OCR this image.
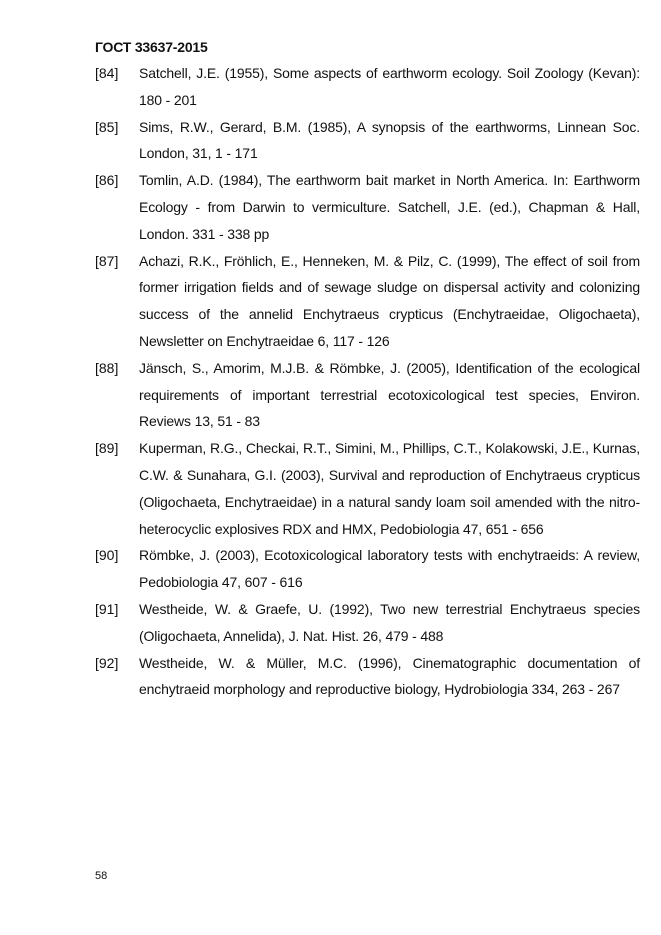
ГОСТ 33637-2015
[84]	Satchell, J.E. (1955), Some aspects of earthworm ecology. Soil Zoology (Kevan): 180 - 201
[85]	Sims, R.W., Gerard, B.M. (1985), A synopsis of the earthworms, Linnean Soc. London, 31, 1 - 171
[86]	Tomlin, A.D. (1984), The earthworm bait market in North America. In: Earthworm Ecology - from Darwin to vermiculture. Satchell, J.E. (ed.), Chapman & Hall, London. 331 - 338 pp
[87]	Achazi, R.K., Fröhlich, E., Henneken, M. & Pilz, C. (1999), The effect of soil from former irrigation fields and of sewage sludge on dispersal activity and colonizing success of the annelid Enchytraeus crypticus (Enchytraeidae, Oligochaeta), Newsletter on Enchytraeidae 6, 117 - 126
[88]	Jänsch, S., Amorim, M.J.B. & Römbke, J. (2005), Identification of the ecological requirements of important terrestrial ecotoxicological test species, Environ. Reviews 13, 51 - 83
[89]	Kuperman, R.G., Checkai, R.T., Simini, M., Phillips, C.T., Kolakowski, J.E., Kurnas, C.W. & Sunahara, G.I. (2003), Survival and reproduction of Enchytraeus crypticus (Oligochaeta, Enchytraeidae) in a natural sandy loam soil amended with the nitro-heterocyclic explosives RDX and HMX, Pedobiologia 47, 651 - 656
[90]	Römbke, J. (2003), Ecotoxicological laboratory tests with enchytraeids: A review, Pedobiologia 47, 607 - 616
[91]	Westheide, W. & Graefe, U. (1992), Two new terrestrial Enchytraeus species (Oligochaeta, Annelida), J. Nat. Hist. 26, 479 - 488
[92]	Westheide, W. & Müller, M.C. (1996), Cinematographic documentation of enchytraeid morphology and reproductive biology, Hydrobiologia 334, 263 - 267
58
